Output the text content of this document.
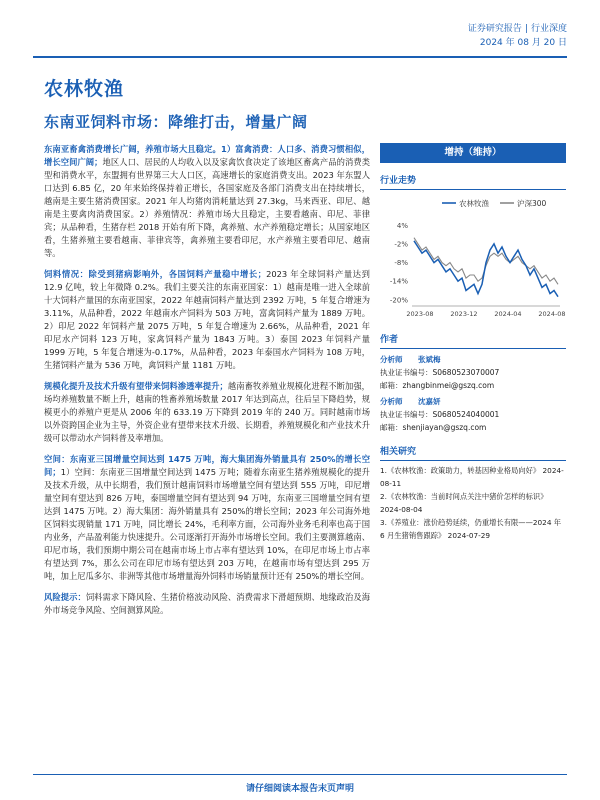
证券研究报告 | 行业深度
2024 年 08 月 20 日
农林牧渔
东南亚饲料市场：降维打击，增量广阔

东南亚畜禽消费增长广阔，养殖市场大且稳定。1）富禽消费：人口多、消费习惯相似，增长空间广阔；地区人口、居民的人均收入以及家禽饮食决定了该地区畜禽产品的消费类型和消费水平，东盟拥有世界第三大人口区，高速增长的家庭消费支出。2023 年东盟人口达到 6.85 亿，20 年来始终保持着正增长，各国家庭及各部门消费支出在持续增长，越南是主要生猪消费国家。2021 年人均猪肉消耗量达到 27.3kg，马来西亚、印尼、越南是主要禽肉消费国家。2）养殖情况：养殖市场大且稳定，主要看越南、印尼、菲律宾；从品种看，生猪存栏 2018 开始有所下降，禽养殖、水产养殖稳定增长；从国家地区看，生猪养殖主要看越南、菲律宾等，禽养殖主要看印尼，水产养殖主要看印尼、越南等。

饲料情况：除受到猪病影响外，各国饲料产量稳中增长；2023 年全球饲料产量达到 12.9 亿吨，较上年微降 0.2%。我们主要关注的东南亚国家：1）越南是唯一进入全球前十大饲料产量国的东南亚国家，2022 年越南饲料产量达到 2392 万吨，5 年复合增速为 3.11%，从品种看，2022 年越南水产饲料为 503 万吨，富禽饲料产量为 1889 万吨。2）印尼 2022 年饲料产量 2075 万吨，5 年复合增速为 2.66%，从品种看，2021 年印尼水产饲料 123 万吨，家禽饲料产量为 1843 万吨。3）泰国 2023 年饲料产量 1999 万吨，5 年复合增速为-0.17%，从品种看，2023 年泰国水产饲料为 108 万吨，生猪饲料产量为 536 万吨，禽饲料产量 1181 万吨。

规模化提升及技术升级有望带来饲料渗透率提升；越南畜牧养殖业规模化进程不断加强，场均养殖数量不断上升，越南的牲畜养殖场数量 2017 年达到高点，往后呈下降趋势，规模更小的养殖户更是从 2006 年的 633.19 万下降到 2019 年的 240 万。同时越南市场以外资跨国企业为主导，外资企业有望带来技术升级、长期看，养殖规模化和产业技术升级可以带动水产饲料普及率增加。

空间：东南亚三国增量空间达到 1475 万吨，海大集团海外销量具有 250%的增长空间；1）空间：东南亚三国增量空间达到 1475 万吨；随着东南亚生猪养殖规模化的提升及技术升级，从中长期看，我们预计越南饲料市场增量空间有望达到 555 万吨，印尼增量空间有望达到 826 万吨，泰国增量空间有望达到 94 万吨，东南亚三国增量空间有望达到 1475 万吨。2）海大集团：海外销量具有 250%的增长空间；2023 年公司海外地区饲料实现销量 171 万吨，同比增长 24%，毛利率方面，公司海外业务毛利率也高于国内业务，产品盈利能力快速提升。公司逐渐打开海外市场增长空间。我们主要测算越南、印尼市场，我们预期中期公司在越南市场上市占率有望达到 10%，在印尼市场上市占率有望达到 7%，那么公司在印尼市场有望达到 203 万吨，在越南市场有望达到 295 万吨，加上尼瓜多尔、非洲等其他市场增量海外饲料市场销量预计还有 250%的增长空间。

风险提示：饲料需求下降风险、生猪价格波动风险、消费需求下滑超预期、地缘政治及海外市场竞争风险、空间测算风险。

增持（维持）
行业走势
农林牧渔	沪深300
4%
-2%
-8%
-14%
-20%
2023-08	2023-12	2024-04	2024-08
作者
分析师 张斌梅
执业证书编号：S0680523070007
邮箱：zhangbinmei@gszq.com
分析师 沈嘉妍
执业证书编号：S0680524040001
邮箱：shenjiayan@gszq.com
相关研究
1.《农林牧渔：政策助力，转基因种业格局向好》 2024-08-11
2.《农林牧渔：当前时间点关注中猪价怎样的标识》 2024-08-04
3.《养殖业：涨价趋势延续，仍重增长有限——2024 年 6 月生猪销售跟踪》 2024-07-29
请仔细阅读本报告末页声明
